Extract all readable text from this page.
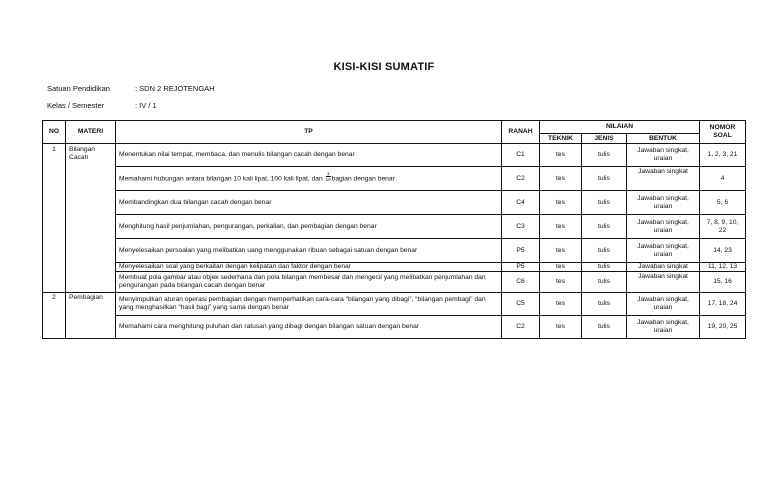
KISI-KISI SUMATIF
Satuan Pendidikan	: SDN 2 REJOTENGAH
Kelas / Semester	: IV / 1
NO	MATERI	TP	RANAH	NILAIAN			NOMOR
SOAL
				TEKNIK	JENIS	BENTUK	

1	Bilangan Cacah	Menentukan nilai tempat, membaca, dan menulis bilangan cacah dengan benar	C1	tes	tulis	Jawaban singkat, uraian	1, 2, 3, 21
		Memahami hubungan antara bilangan 10 kali lipat, 100 kali lipat, dan $\frac{1}{10}$ bagian dengan benar	C2	tes	tulis	Jawaban singkat	4
		Membandingkan dua bilangan cacah dengan benar	C4	tes	tulis	Jawaban singkat, uraian	5, 6
		Menghitung hasil penjumlahan, pengurangan, perkalian, dan pembagian dengan benar	C3	tes	tulis	Jawaban singkat, uraian	7, 8, 9, 10, 22
		Menyelesaikan persoalan yang melibatkan uang menggunakan ribuan sebagai satuan dengan benar	P5	tes	tulis	Jawaban singkat, uraian	14, 23
		Menyelesaikan soal yang berkaitan dengan kelipatan dan faktor dengan benar	P5	tes	tulis	Jawaban singkat	11, 12, 13
		Membuat pola gambar atau objek sederhana dan pola bilangan membesar dan mengecil yang melibatkan penjumlahan dan pengurangan pada bilangan cacah dengan benar	C6	tes	tulis	Jawaban singkat	15, 16

2	Pembagian	Menyimpulkan aturan operasi pembagian dengan memperhatikan cara-cara “bilangan yang dibagi”, “bilangan pembagi” dan yang menghasilkan “hasil bagi” yang sama dengan benar	C5	tes	tulis	Jawaban singkat, uraian	17, 18, 24
		Memahami cara menghitung puluhan dan ratusan yang dibagi dengan bilangan satuan dengan benar	C2	tes	tulis	Jawaban singkat, uraian	19, 20, 25
